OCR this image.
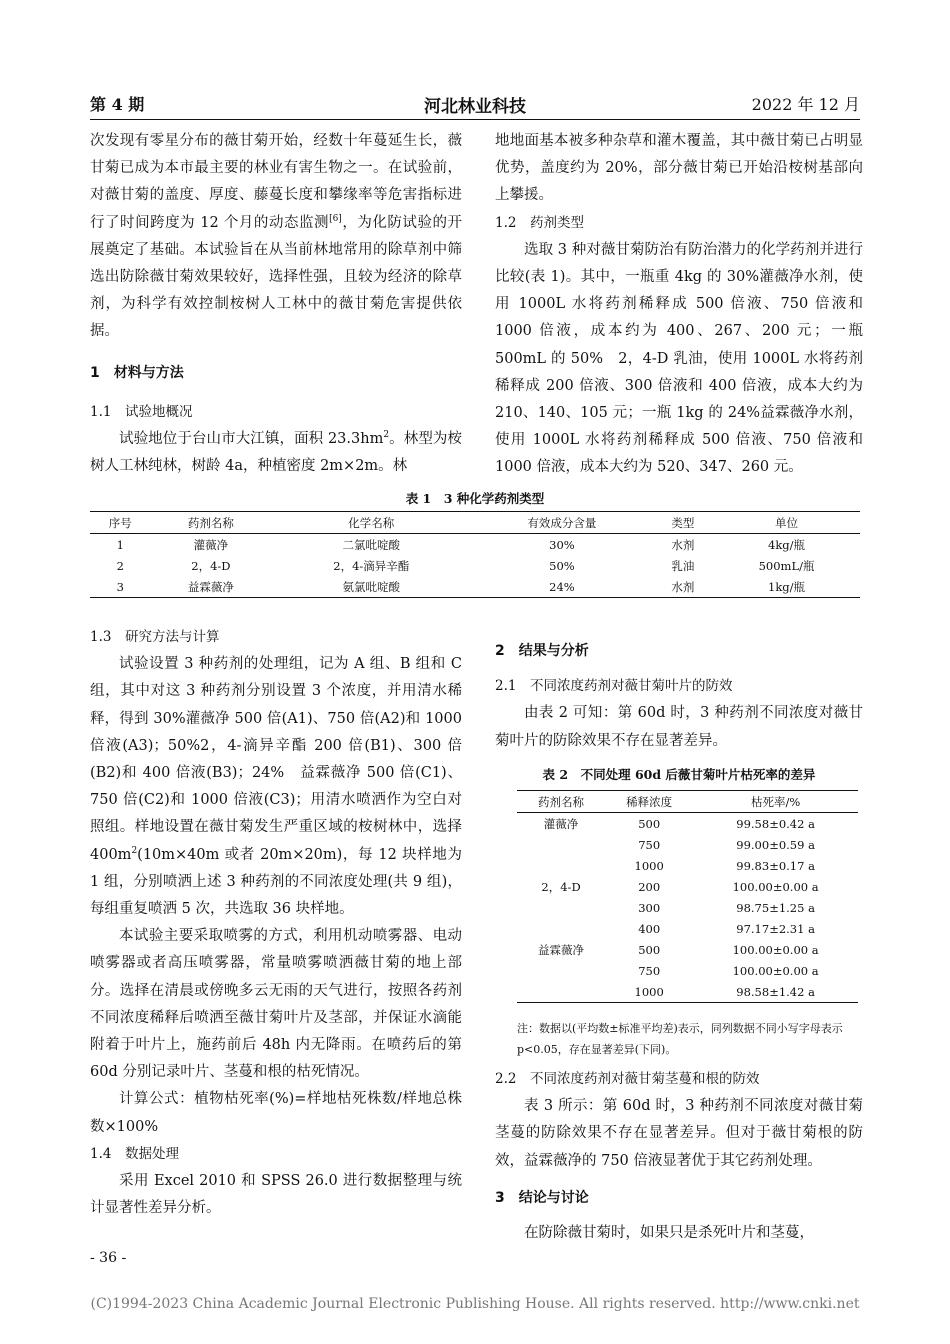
第 4 期	河北林业科技	2022 年 12 月

次发现有零星分布的薇甘菊开始，经数十年蔓延生长，薇甘菊已成为本市最主要的林业有害生物之一。在试验前，对薇甘菊的盖度、厚度、藤蔓长度和攀缘率等危害指标进行了时间跨度为 12 个月的动态监测[6]，为化防试验的开展奠定了基础。本试验旨在从当前林地常用的除草剂中筛选出防除薇甘菊效果较好，选择性强，且较为经济的除草剂，为科学有效控制桉树人工林中的薇甘菊危害提供依据。

1　材料与方法

1.1　试验地概况

试验地位于台山市大江镇，面积 $23.3hm^2$。林型为桉树人工林纯林，树龄 4a，种植密度 2m×2m。林

地地面基本被多种杂草和灌木覆盖，其中薇甘菊已占明显优势，盖度约为 20%，部分薇甘菊已开始沿桉树基部向上攀援。

1.2　药剂类型

选取 3 种对薇甘菊防治有防治潜力的化学药剂并进行比较(表 1)。其中，一瓶重 4kg 的 30%灌薇净水剂，使用 1000L 水将药剂稀释成 500 倍液、750 倍液和 1000 倍液，成本约为 400、267、200 元；一瓶 500mL 的 50%　2，4-D 乳油，使用 1000L 水将药剂稀释成 200 倍液、300 倍液和 400 倍液，成本大约为 210、140、105 元；一瓶 1kg 的 24%益霖薇净水剂，使用 1000L 水将药剂稀释成 500 倍液、750 倍液和 1000 倍液，成本大约为 520、347、260 元。

表 1　3 种化学药剂类型
序号	药剂名称	化学名称	有效成分含量	类型	单位
1	灌薇净	二氯吡啶酸	30%	水剂	4kg/瓶
2	2，4-D	2，4-滴异辛酯	50%	乳油	500mL/瓶
3	益霖薇净	氨氯吡啶酸	24%	水剂	1kg/瓶

1.3　研究方法与计算

试验设置 3 种药剂的处理组，记为 A 组、B 组和 C 组，其中对这 3 种药剂分别设置 3 个浓度，并用清水稀释，得到 30%灌薇净 500 倍(A1)、750 倍(A2)和 1000 倍液(A3)；50%2，4-滴异辛酯 200 倍(B1)、300 倍(B2)和 400 倍液(B3)；24%　益霖薇净 500 倍(C1)、750 倍(C2)和 1000 倍液(C3)；用清水喷洒作为空白对照组。样地设置在薇甘菊发生严重区域的桉树林中，选择 $400m^2(10m\times 40m$ 或者 20m×20m)，每 12 块样地为 1 组，分别喷洒上述 3 种药剂的不同浓度处理(共 9 组)，每组重复喷洒 5 次，共选取 36 块样地。

本试验主要采取喷雾的方式，利用机动喷雾器、电动喷雾器或者高压喷雾器，常量喷雾喷洒薇甘菊的地上部分。选择在清晨或傍晚多云无雨的天气进行，按照各药剂不同浓度稀释后喷洒至薇甘菊叶片及茎部，并保证水滴能附着于叶片上，施药前后 48h 内无降雨。在喷药后的第 60d 分别记录叶片、茎蔓和根的枯死情况。

计算公式：植物枯死率(%)=样地枯死株数/样地总株数×100%

1.4　数据处理

采用 Excel 2010 和 SPSS 26.0 进行数据整理与统计显著性差异分析。

2　结果与分析

2.1　不同浓度药剂对薇甘菊叶片的防效

由表 2 可知：第 60d 时，3 种药剂不同浓度对薇甘菊叶片的防除效果不存在显著差异。

表 2　不同处理 60d 后薇甘菊叶片枯死率的差异
药剂名称	稀释浓度	枯死率/%
灌薇净	500	99.58±0.42 a
	750	99.00±0.59 a
	1000	99.83±0.17 a
2，4-D	200	100.00±0.00 a
	300	98.75±1.25 a
	400	97.17±2.31 a
益霖薇净	500	100.00±0.00 a
	750	100.00±0.00 a
	1000	98.58±1.42 a
注：数据以(平均数±标准平均差)表示，同列数据不同小写字母表示 p<0.05，存在显著差异(下同)。

2.2　不同浓度药剂对薇甘菊茎蔓和根的防效

表 3 所示：第 60d 时，3 种药剂不同浓度对薇甘菊茎蔓的防除效果不存在显著差异。但对于薇甘菊根的防效，益霖薇净的 750 倍液显著优于其它药剂处理。

3　结论与讨论

在防除薇甘菊时，如果只是杀死叶片和茎蔓，

- 36 -
(C)1994-2023 China Academic Journal Electronic Publishing House. All rights reserved. http://www.cnki.net
